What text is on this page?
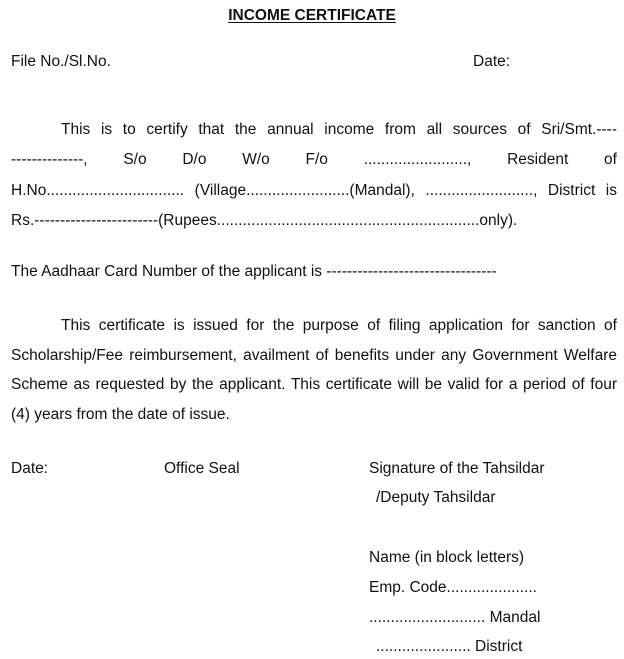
INCOME CERTIFICATE
File No./Sl.No.	Date:
This is to certify that the annual income from all sources of Sri/Smt.----
--------------, S/o D/o W/o F/o ........................, Resident of
H.No................................ (Village........................(Mandal), ........................., District is
Rs.------------------------(Rupees.............................................................only).
The Aadhaar Card Number of the applicant is ---------------------------------
This certificate is issued for the purpose of filing application for sanction of Scholarship/Fee reimbursement, availment of benefits under any Government Welfare Scheme as requested by the applicant. This certificate will be valid for a period of four (4) years from the date of issue.
Date:	Office Seal	Signature of the Tahsildar
/Deputy Tahsildar
Name (in block letters)
Emp. Code.....................
........................... Mandal
...................... District
